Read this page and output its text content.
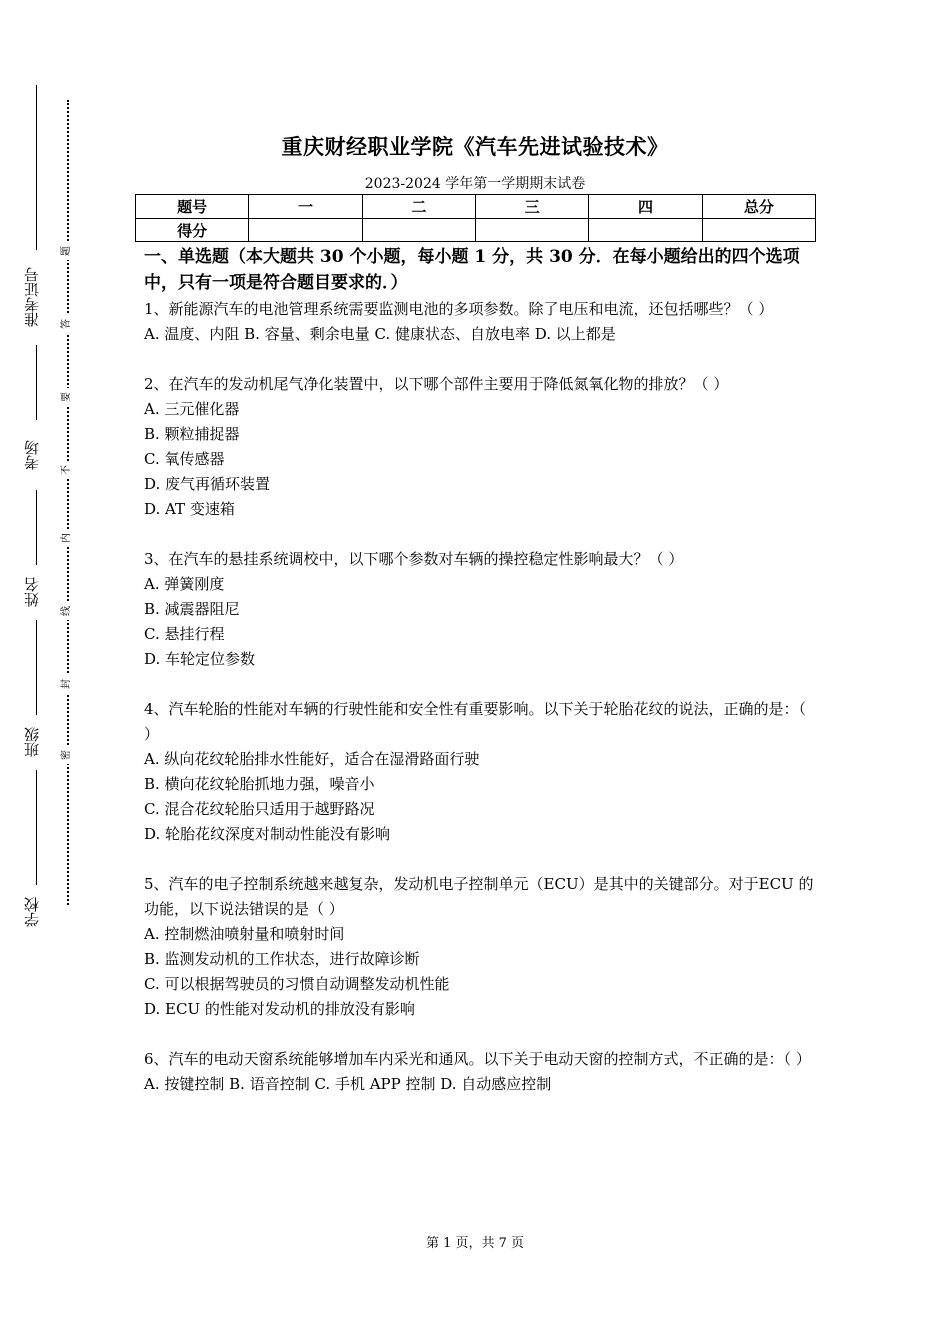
准考证号
考场
姓名
班级
学校
题
答
要
不
内
线
封
密
重庆财经职业学院《汽车先进试验技术》
2023-2024 学年第一学期期末试卷
题号	一	二	三	四	总分
得分					
一、单选题（本大题共 30 个小题，每小题 1 分，共 30 分．在每小题给出的四个选项中，只有一项是符合题目要求的．）
1、新能源汽车的电池管理系统需要监测电池的多项参数。除了电压和电流，还包括哪些？（ ）
A. 温度、内阻 B. 容量、剩余电量 C. 健康状态、自放电率 D. 以上都是
2、在汽车的发动机尾气净化装置中，以下哪个部件主要用于降低氮氧化物的排放？（ ）
A. 三元催化器
B. 颗粒捕捉器
C. 氧传感器
D. 废气再循环装置
D. AT 变速箱
3、在汽车的悬挂系统调校中，以下哪个参数对车辆的操控稳定性影响最大？（ ）
A. 弹簧刚度
B. 减震器阻尼
C. 悬挂行程
D. 车轮定位参数
4、汽车轮胎的性能对车辆的行驶性能和安全性有重要影响。以下关于轮胎花纹的说法，正确的是：（ ）
A. 纵向花纹轮胎排水性能好，适合在湿滑路面行驶
B. 横向花纹轮胎抓地力强，噪音小
C. 混合花纹轮胎只适用于越野路况
D. 轮胎花纹深度对制动性能没有影响
5、汽车的电子控制系统越来越复杂，发动机电子控制单元（ECU）是其中的关键部分。对于ECU 的功能，以下说法错误的是（ ）
A. 控制燃油喷射量和喷射时间
B. 监测发动机的工作状态，进行故障诊断
C. 可以根据驾驶员的习惯自动调整发动机性能
D. ECU 的性能对发动机的排放没有影响
6、汽车的电动天窗系统能够增加车内采光和通风。以下关于电动天窗的控制方式，不正确的是：（ ）
A. 按键控制 B. 语音控制 C. 手机 APP 控制 D. 自动感应控制
第 1 页，共 7 页
